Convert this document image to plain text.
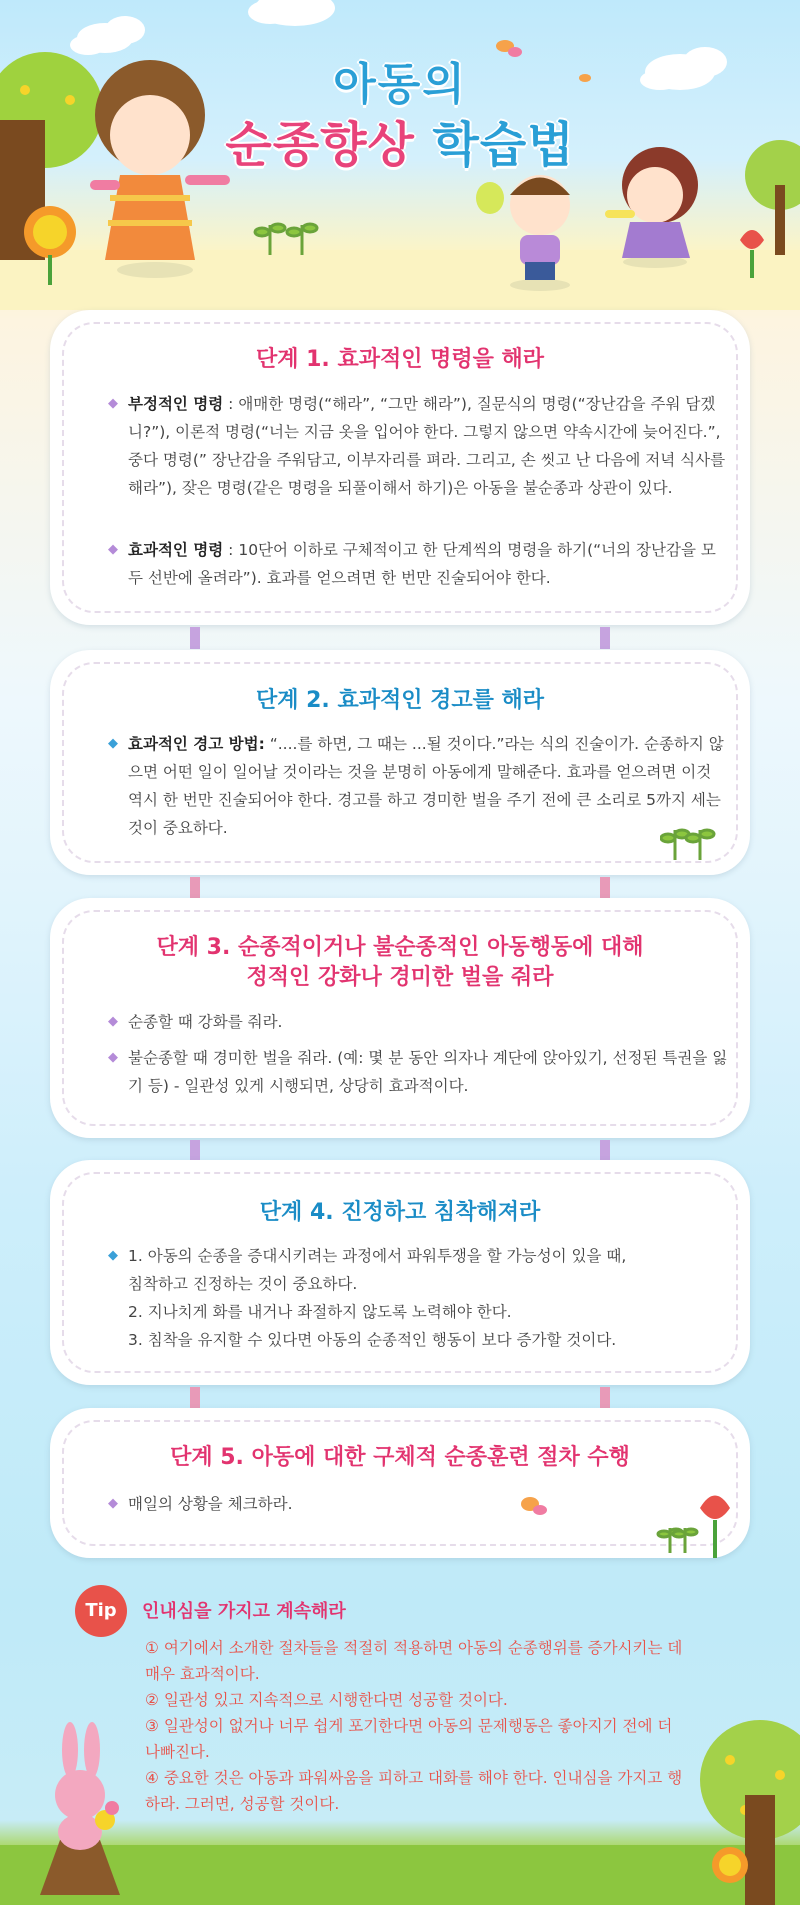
아동의
순종향상 학습법
단계 1. 효과적인 명령을 해라
◆ 부정적인 명령 : 애매한 명령(“해라”, “그만 해라”), 질문식의 명령(“장난감을 주워 담겠니?”), 이론적 명령(“너는 지금 옷을 입어야 한다. 그렇지 않으면 약속시간에 늦어진다.”, 중다 명령(” 장난감을 주워담고, 이부자리를 펴라. 그리고, 손 씻고 난 다음에 저녁 식사를 해라”), 잦은 명령(같은 명령을 되풀이해서 하기)은 아동을 불순종과 상관이 있다.
◆ 효과적인 명령 : 10단어 이하로 구체적이고 한 단계씩의 명령을 하기(“너의 장난감을 모두 선반에 올려라”). 효과를 얻으려면 한 번만 진술되어야 한다.
단계 2. 효과적인 경고를 해라
◆ 효과적인 경고 방법: “....를 하면, 그 때는 ...될 것이다.”라는 식의 진술이가. 순종하지 않으면 어떤 일이 일어날 것이라는 것을 분명히 아동에게 말해준다. 효과를 얻으려면 이것 역시 한 번만 진술되어야 한다. 경고를 하고 경미한 벌을 주기 전에 큰 소리로 5까지 세는 것이 중요하다.
단계 3. 순종적이거나 불순종적인 아동행동에 대해
정적인 강화나 경미한 벌을 줘라
◆ 순종할 때 강화를 줘라.
◆ 불순종할 때 경미한 벌을 줘라. (예: 몇 분 동안 의자나 계단에 앉아있기, 선정된 특권을 잃기 등) - 일관성 있게 시행되면, 상당히 효과적이다.
단계 4. 진정하고 침착해져라
◆ 1. 아동의 순종을 증대시키려는 과정에서 파워투쟁을 할 가능성이 있을 때,
침착하고 진정하는 것이 중요하다.
2. 지나치게 화를 내거나 좌절하지 않도록 노력해야 한다.
3. 침착을 유지할 수 있다면 아동의 순종적인 행동이 보다 증가할 것이다.
단계 5. 아동에 대한 구체적 순종훈련 절차 수행
◆ 매일의 상황을 체크하라.
Tip	인내심을 가지고 계속해라
① 여기에서 소개한 절차들을 적절히 적용하면 아동의 순종행위를 증가시키는 데 매우 효과적이다.
② 일관성 있고 지속적으로 시행한다면 성공할 것이다.
③ 일관성이 없거나 너무 쉽게 포기한다면 아동의 문제행동은 좋아지기 전에 더 나빠진다.
④ 중요한 것은 아동과 파워싸움을 피하고 대화를 해야 한다. 인내심을 가지고 행하라. 그러면, 성공할 것이다.
